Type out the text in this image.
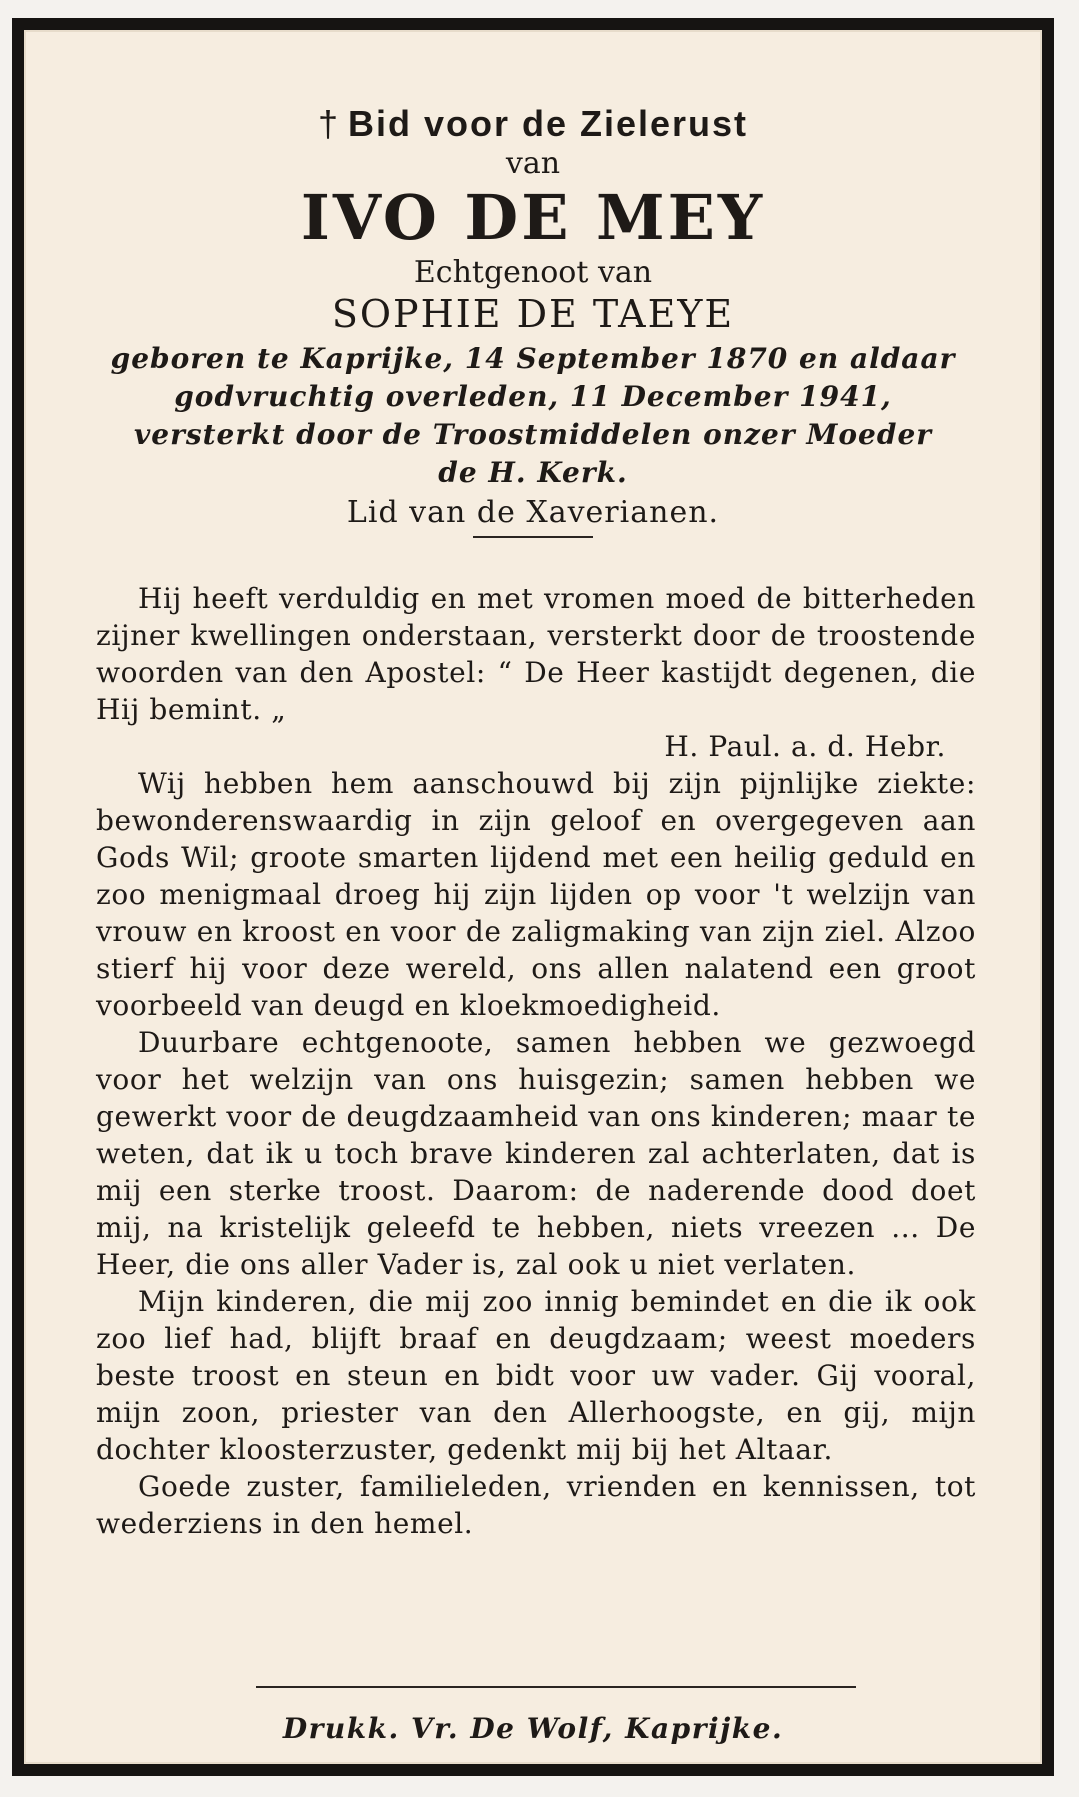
† Bid voor de Zielerust
van
IVO DE MEY
Echtgenoot van
SOPHIE DE TAEYE
geboren te Kaprijke, 14 September 1870 en aldaar
godvruchtig overleden, 11 December 1941,
versterkt door de Troostmiddelen onzer Moeder
de H. Kerk.
Lid van de Xaverianen.

Hij heeft verduldig en met vromen moed de bitterheden zijner kwellingen onderstaan, versterkt door de troostende woorden van den Apostel: “ De Heer kastijdt degenen, die Hij bemint. „

H. Paul. a. d. Hebr.

Wij hebben hem aanschouwd bij zijn pijnlijke ziekte: bewonderenswaardig in zijn geloof en overgegeven aan Gods Wil; groote smarten lijdend met een heilig geduld en zoo menigmaal droeg hij zijn lijden op voor 't welzijn van vrouw en kroost en voor de zaligmaking van zijn ziel. Alzoo stierf hij voor deze wereld, ons allen nalatend een groot voorbeeld van deugd en kloekmoedigheid.

Duurbare echtgenoote, samen hebben we gezwoegd voor het welzijn van ons huisgezin; samen hebben we gewerkt voor de deugdzaamheid van ons kinderen; maar te weten, dat ik u toch brave kinderen zal achterlaten, dat is mij een sterke troost. Daarom: de naderende dood doet mij, na kristelijk geleefd te hebben, niets vreezen ... De Heer, die ons aller Vader is, zal ook u niet verlaten.

Mijn kinderen, die mij zoo innig bemindet en die ik ook zoo lief had, blijft braaf en deugdzaam; weest moeders beste troost en steun en bidt voor uw vader. Gij vooral, mijn zoon, priester van den Allerhoogste, en gij, mijn dochter kloosterzuster, gedenkt mij bij het Altaar.

Goede zuster, familieleden, vrienden en kennissen, tot wederziens in den hemel.

Drukk. Vr. De Wolf, Kaprijke.
